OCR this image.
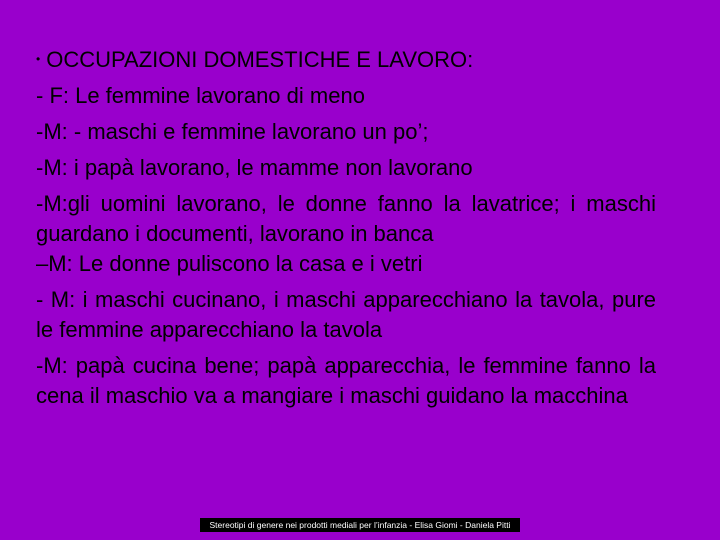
• OCCUPAZIONI DOMESTICHE E LAVORO:
- F: Le femmine lavorano di meno
-M: - maschi e femmine lavorano un po’;
-M: i papà lavorano, le mamme non lavorano
-M:gli uomini lavorano, le donne fanno la lavatrice; i maschi guardano i documenti, lavorano in banca
–M: Le donne puliscono la casa e i vetri
- M: i maschi cucinano, i maschi apparecchiano la tavola, pure le femmine apparecchiano la tavola
-M: papà cucina bene; papà apparecchia, le femmine fanno la cena il maschio va a mangiare i maschi guidano la macchina
Stereotipi di genere nei prodotti mediali per l’infanzia - Elisa Giomi - Daniela Pitti
